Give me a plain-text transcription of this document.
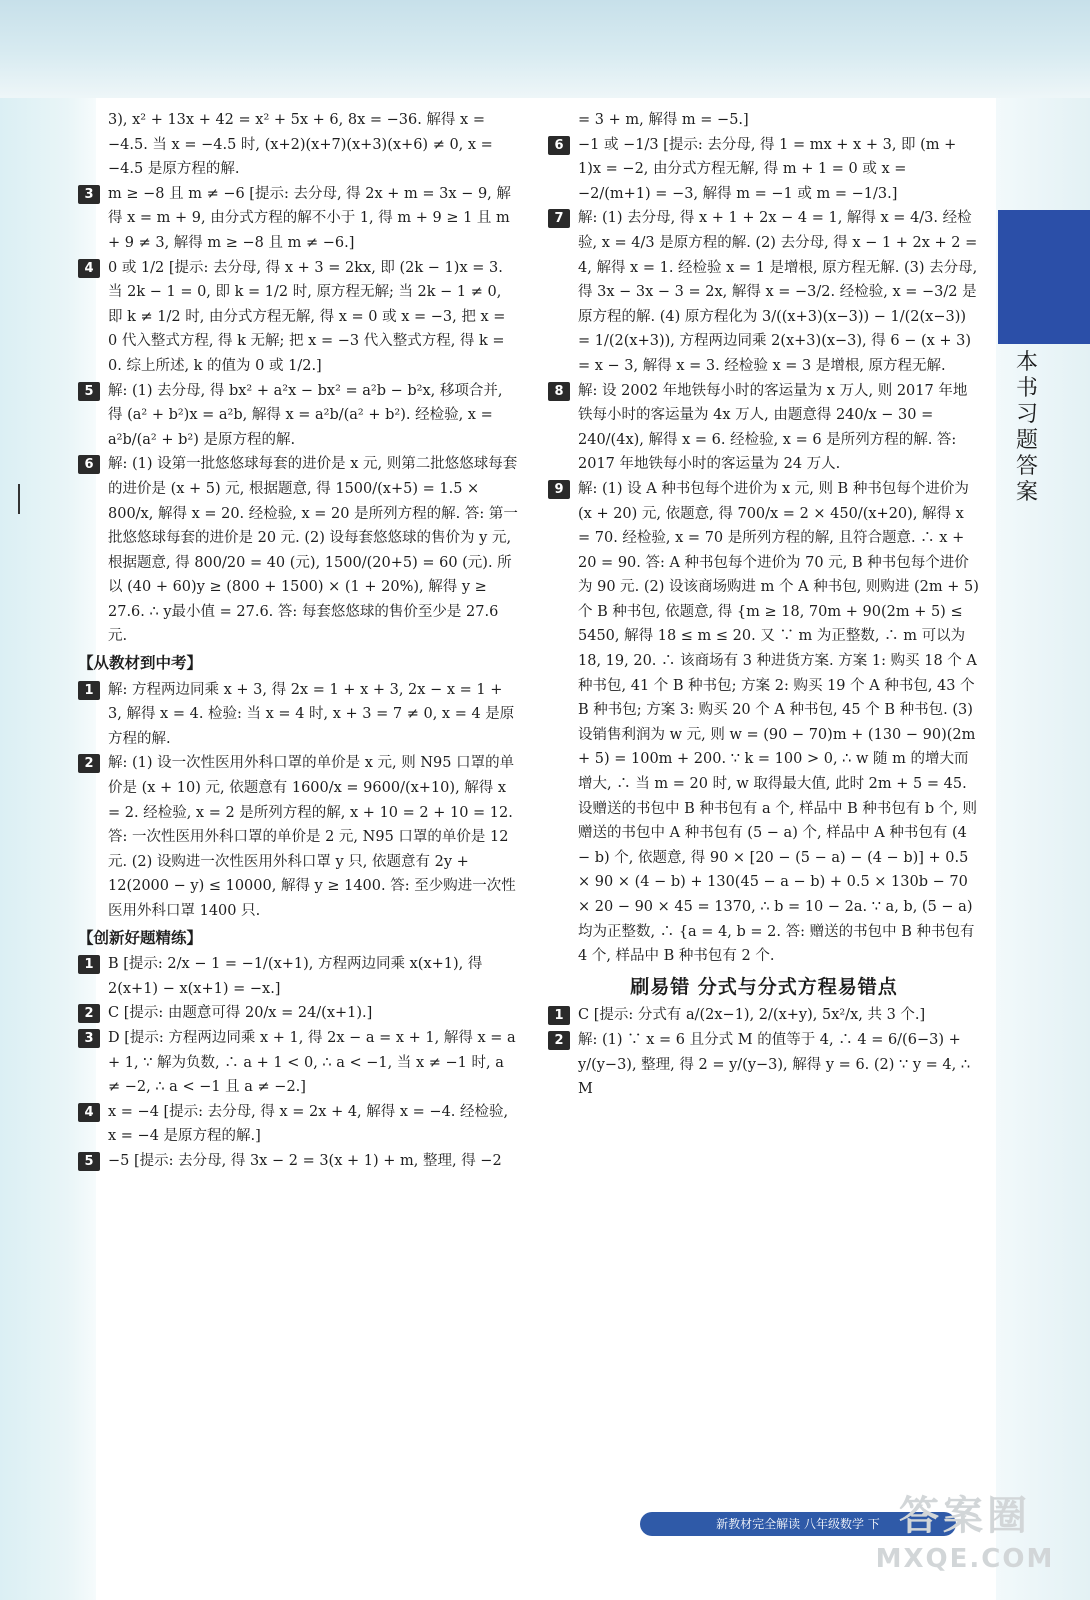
本
书
习
题
答
案

3), x² + 13x + 42 = x² + 5x + 6, 8x = −36. 解得 x = −4.5. 当 x = −4.5 时, (x+2)(x+7)(x+3)(x+6) ≠ 0, x = −4.5 是原方程的解.

3 m ≥ −8 且 m ≠ −6 [提示: 去分母, 得 2x + m = 3x − 9, 解得 x = m + 9, 由分式方程的解不小于 1, 得 m + 9 ≥ 1 且 m + 9 ≠ 3, 解得 m ≥ −8 且 m ≠ −6.]

4 0 或 1/2 [提示: 去分母, 得 x + 3 = 2kx, 即 (2k − 1)x = 3. 当 2k − 1 = 0, 即 k = 1/2 时, 原方程无解; 当 2k − 1 ≠ 0, 即 k ≠ 1/2 时, 由分式方程无解, 得 x = 0 或 x = −3, 把 x = 0 代入整式方程, 得 k 无解; 把 x = −3 代入整式方程, 得 k = 0. 综上所述, k 的值为 0 或 1/2.]

5 解: (1) 去分母, 得 bx² + a²x − bx² = a²b − b²x, 移项合并, 得 (a² + b²)x = a²b, 解得 x = a²b/(a² + b²). 经检验, x = a²b/(a² + b²) 是原方程的解.

6 解: (1) 设第一批悠悠球每套的进价是 x 元, 则第二批悠悠球每套的进价是 (x + 5) 元, 根据题意, 得 1500/(x+5) = 1.5 × 800/x, 解得 x = 20. 经检验, x = 20 是所列方程的解. 答: 第一批悠悠球每套的进价是 20 元. (2) 设每套悠悠球的售价为 y 元, 根据题意, 得 800/20 = 40 (元), 1500/(20+5) = 60 (元). 所以 (40 + 60)y ≥ (800 + 1500) × (1 + 20%), 解得 y ≥ 27.6. ∴ y最小值 = 27.6. 答: 每套悠悠球的售价至少是 27.6 元.

【从教材到中考】

1 解: 方程两边同乘 x + 3, 得 2x = 1 + x + 3, 2x − x = 1 + 3, 解得 x = 4. 检验: 当 x = 4 时, x + 3 = 7 ≠ 0, x = 4 是原方程的解.

2 解: (1) 设一次性医用外科口罩的单价是 x 元, 则 N95 口罩的单价是 (x + 10) 元, 依题意有 1600/x = 9600/(x+10), 解得 x = 2. 经检验, x = 2 是所列方程的解, x + 10 = 2 + 10 = 12. 答: 一次性医用外科口罩的单价是 2 元, N95 口罩的单价是 12 元. (2) 设购进一次性医用外科口罩 y 只, 依题意有 2y + 12(2000 − y) ≤ 10000, 解得 y ≥ 1400. 答: 至少购进一次性医用外科口罩 1400 只.

【创新好题精练】

1 B [提示: 2/x − 1 = −1/(x+1), 方程两边同乘 x(x+1), 得 2(x+1) − x(x+1) = −x.]

2 C [提示: 由题意可得 20/x = 24/(x+1).]

3 D [提示: 方程两边同乘 x + 1, 得 2x − a = x + 1, 解得 x = a + 1, ∵ 解为负数, ∴ a + 1 < 0, ∴ a < −1, 当 x ≠ −1 时, a ≠ −2, ∴ a < −1 且 a ≠ −2.]

4 x = −4 [提示: 去分母, 得 x = 2x + 4, 解得 x = −4. 经检验, x = −4 是原方程的解.]

5 −5 [提示: 去分母, 得 3x − 2 = 3(x + 1) + m, 整理, 得 −2

= 3 + m, 解得 m = −5.]

6 −1 或 −1/3 [提示: 去分母, 得 1 = mx + x + 3, 即 (m + 1)x = −2, 由分式方程无解, 得 m + 1 = 0 或 x = −2/(m+1) = −3, 解得 m = −1 或 m = −1/3.]

7 解: (1) 去分母, 得 x + 1 + 2x − 4 = 1, 解得 x = 4/3. 经检验, x = 4/3 是原方程的解. (2) 去分母, 得 x − 1 + 2x + 2 = 4, 解得 x = 1. 经检验 x = 1 是增根, 原方程无解. (3) 去分母, 得 3x − 3x − 3 = 2x, 解得 x = −3/2. 经检验, x = −3/2 是原方程的解. (4) 原方程化为 3/((x+3)(x−3)) − 1/(2(x−3)) = 1/(2(x+3)), 方程两边同乘 2(x+3)(x−3), 得 6 − (x + 3) = x − 3, 解得 x = 3. 经检验 x = 3 是增根, 原方程无解.

8 解: 设 2002 年地铁每小时的客运量为 x 万人, 则 2017 年地铁每小时的客运量为 4x 万人, 由题意得 240/x − 30 = 240/(4x), 解得 x = 6. 经检验, x = 6 是所列方程的解. 答: 2017 年地铁每小时的客运量为 24 万人.

9 解: (1) 设 A 种书包每个进价为 x 元, 则 B 种书包每个进价为 (x + 20) 元, 依题意, 得 700/x = 2 × 450/(x+20), 解得 x = 70. 经检验, x = 70 是所列方程的解, 且符合题意. ∴ x + 20 = 90. 答: A 种书包每个进价为 70 元, B 种书包每个进价为 90 元. (2) 设该商场购进 m 个 A 种书包, 则购进 (2m + 5) 个 B 种书包, 依题意, 得 {m ≥ 18, 70m + 90(2m + 5) ≤ 5450, 解得 18 ≤ m ≤ 20. 又 ∵ m 为正整数, ∴ m 可以为 18, 19, 20. ∴ 该商场有 3 种进货方案. 方案 1: 购买 18 个 A 种书包, 41 个 B 种书包; 方案 2: 购买 19 个 A 种书包, 43 个 B 种书包; 方案 3: 购买 20 个 A 种书包, 45 个 B 种书包. (3) 设销售利润为 w 元, 则 w = (90 − 70)m + (130 − 90)(2m + 5) = 100m + 200. ∵ k = 100 > 0, ∴ w 随 m 的增大而增大, ∴ 当 m = 20 时, w 取得最大值, 此时 2m + 5 = 45. 设赠送的书包中 B 种书包有 a 个, 样品中 B 种书包有 b 个, 则赠送的书包中 A 种书包有 (5 − a) 个, 样品中 A 种书包有 (4 − b) 个, 依题意, 得 90 × [20 − (5 − a) − (4 − b)] + 0.5 × 90 × (4 − b) + 130(45 − a − b) + 0.5 × 130b − 70 × 20 − 90 × 45 = 1370, ∴ b = 10 − 2a. ∵ a, b, (5 − a) 均为正整数, ∴ {a = 4, b = 2. 答: 赠送的书包中 B 种书包有 4 个, 样品中 B 种书包有 2 个.

刷易错 分式与分式方程易错点

1 C [提示: 分式有 a/(2x−1), 2/(x+y), 5x²/x, 共 3 个.]

2 解: (1) ∵ x = 6 且分式 M 的值等于 4, ∴ 4 = 6/(6−3) + y/(y−3), 整理, 得 2 = y/(y−3), 解得 y = 6. (2) ∵ y = 4, ∴ M

新教材完全解读 八年级数学 下 答案圈
MXQE.COM
